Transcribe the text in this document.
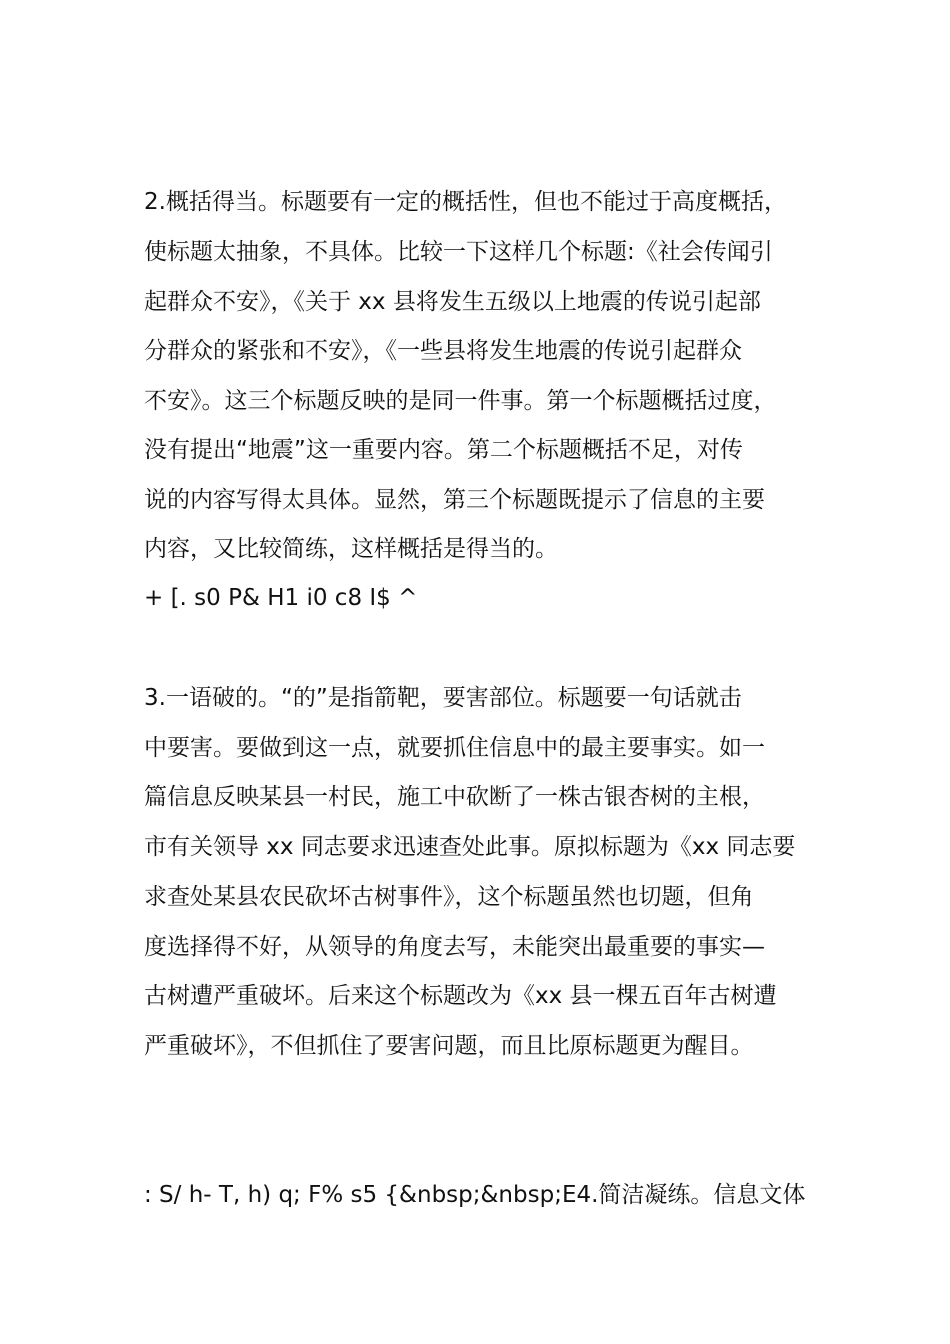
2.概括得当。标题要有一定的概括性，但也不能过于高度概括，
使标题太抽象，不具体。比较一下这样几个标题:《社会传闻引
起群众不安》，《关于 xx 县将发生五级以上地震的传说引起部
分群众的紧张和不安》，《一些县将发生地震的传说引起群众
不安》。这三个标题反映的是同一件事。第一个标题概括过度，
没有提出“地震”这一重要内容。第二个标题概括不足，对传
说的内容写得太具体。显然，第三个标题既提示了信息的主要
内容，又比较简练，这样概括是得当的。
+ [. s0 P& H1 i0 c8 I$ ^
3.一语破的。“的”是指箭靶，要害部位。标题要一句话就击
中要害。要做到这一点，就要抓住信息中的最主要事实。如一
篇信息反映某县一村民，施工中砍断了一株古银杏树的主根，
市有关领导 xx 同志要求迅速查处此事。原拟标题为《xx 同志要
求查处某县农民砍坏古树事件》，这个标题虽然也切题，但角
度选择得不好，从领导的角度去写，未能突出最重要的事实—
古树遭严重破坏。后来这个标题改为《xx 县一棵五百年古树遭
严重破坏》，不但抓住了要害问题，而且比原标题更为醒目。
: S/ h- T, h) q; F% s5 {&nbsp;&nbsp;E4.简洁凝练。信息文体
